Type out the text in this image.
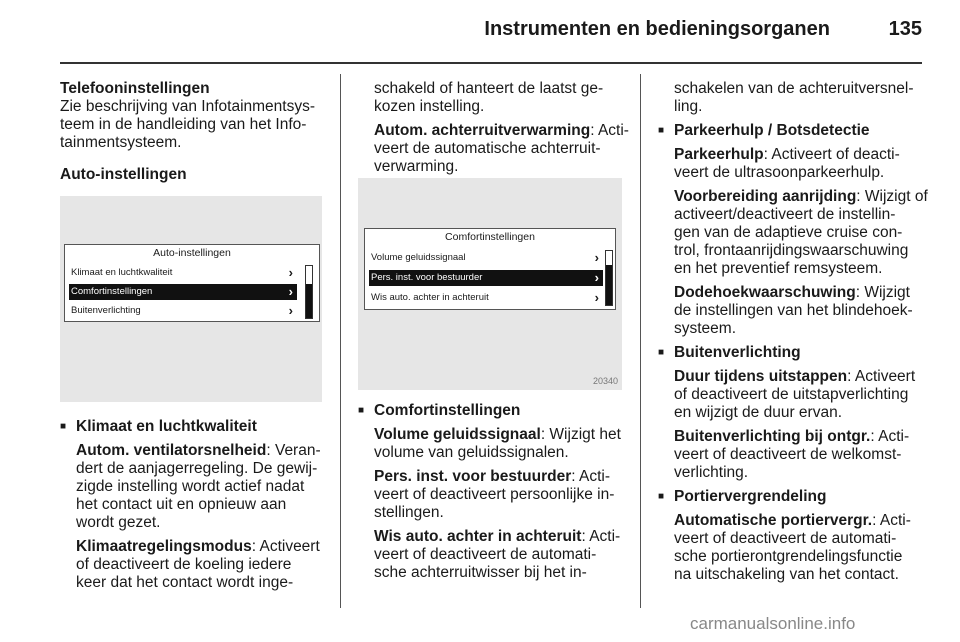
Instrumenten en bedieningsorganen	135
Telefooninstellingen
Zie beschrijving van Infotainmentsys-
teem in de handleiding van het Info-
tainmentsysteem.
Auto-instellingen
Auto-instellingen
Klimaat en luchtkwaliteit	›
Comfortinstellingen	›
Buitenverlichting	›
■ Klimaat en luchtkwaliteit

Autom. ventilatorsnelheid: Veran-
dert de aanjagerregeling. De gewij-
zigde instelling wordt actief nadat
het contact uit en opnieuw aan
wordt gezet.

Klimaatregelingsmodus: Activeert
of deactiveert de koeling iedere
keer dat het contact wordt inge-

schakeld of hanteert de laatst ge-
kozen instelling.

Autom. achterruitverwarming: Acti-
veert de automatische achterruit-
verwarming.

Comfortinstellingen
Volume geluidssignaal	›
Pers. inst. voor bestuurder	›
Wis auto. achter in achteruit	›
20340
■ Comfortinstellingen

Volume geluidssignaal: Wijzigt het
volume van geluidssignalen.

Pers. inst. voor bestuurder: Acti-
veert of deactiveert persoonlijke in-
stellingen.

Wis auto. achter in achteruit: Acti-
veert of deactiveert de automati-
sche achterruitwisser bij het in-

schakelen van de achteruitversnel-
ling.

■ Parkeerhulp / Botsdetectie

Parkeerhulp: Activeert of deacti-
veert de ultrasoonparkeerhulp.

Voorbereiding aanrijding: Wijzigt of
activeert/deactiveert de instellin-
gen van de adaptieve cruise con-
trol, frontaanrijdingswaarschuwing
en het preventief remsysteem.

Dodehoekwaarschuwing: Wijzigt
de instellingen van het blindehoek-
systeem.

■ Buitenverlichting

Duur tijdens uitstappen: Activeert
of deactiveert de uitstapverlichting
en wijzigt de duur ervan.

Buitenverlichting bij ontgr.: Acti-
veert of deactiveert de welkomst-
verlichting.

■ Portiervergrendeling

Automatische portiervergr.: Acti-
veert of deactiveert de automati-
sche portierontgrendelingsfunctie
na uitschakeling van het contact.

carmanualsonline.info
